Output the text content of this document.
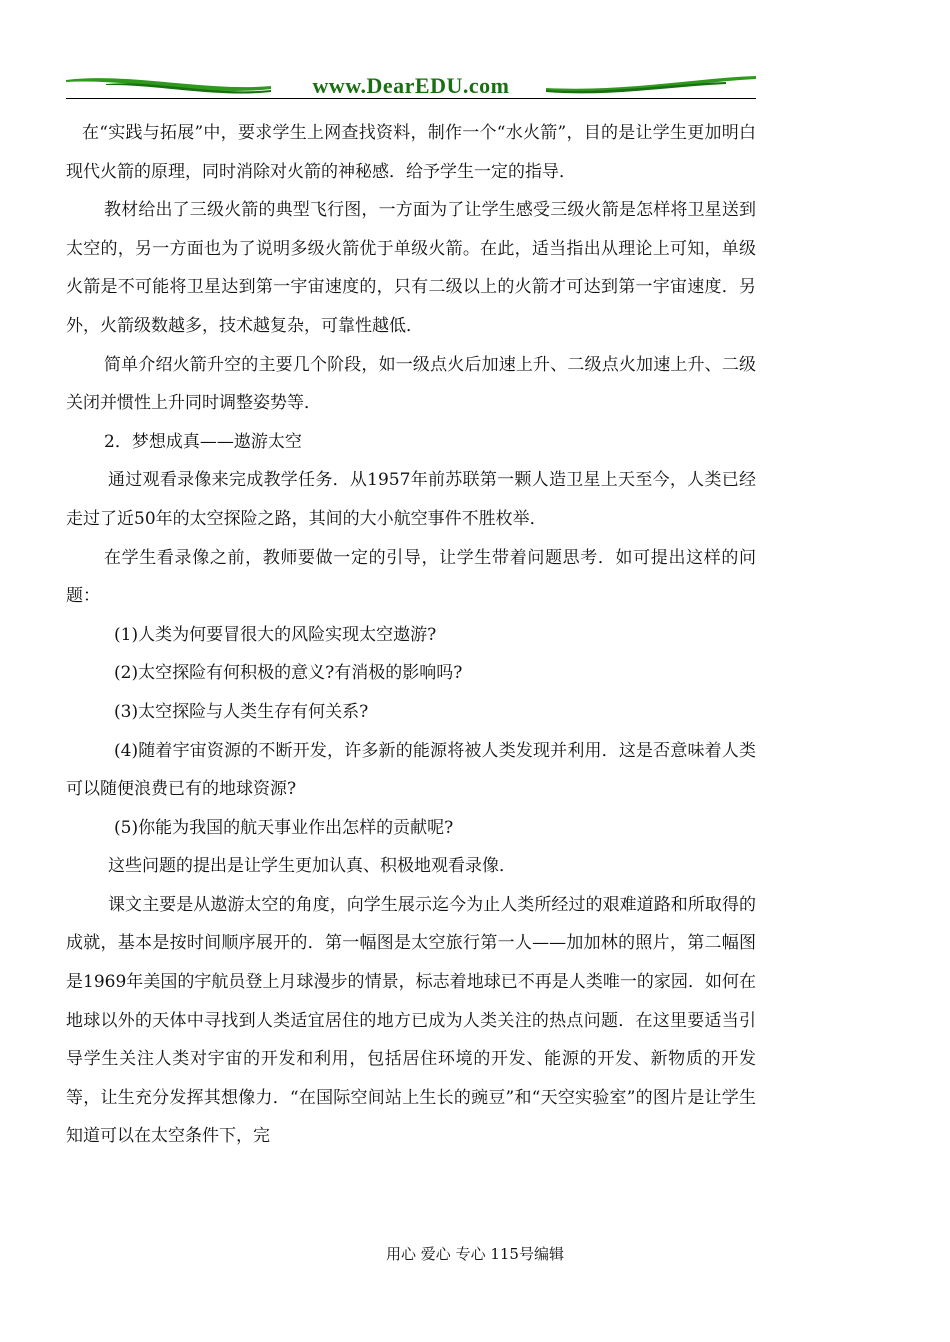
www.DearEDU.com

在“实践与拓展”中，要求学生上网查找资料，制作一个“水火箭”，目的是让学生更加明白现代火箭的原理，同时消除对火箭的神秘感．给予学生一定的指导．

教材给出了三级火箭的典型飞行图，一方面为了让学生感受三级火箭是怎样将卫星送到太空的，另一方面也为了说明多级火箭优于单级火箭。在此，适当指出从理论上可知，单级火箭是不可能将卫星达到第一宇宙速度的，只有二级以上的火箭才可达到第一宇宙速度．另外，火箭级数越多，技术越复杂，可靠性越低．

简单介绍火箭升空的主要几个阶段，如一级点火后加速上升、二级点火加速上升、二级关闭并惯性上升同时调整姿势等．

2．梦想成真——遨游太空

通过观看录像来完成教学任务．从1957年前苏联第一颗人造卫星上天至今，人类已经走过了近50年的太空探险之路，其间的大小航空事件不胜枚举．

在学生看录像之前，教师要做一定的引导，让学生带着问题思考．如可提出这样的问题：

(1)人类为何要冒很大的风险实现太空遨游?

(2)太空探险有何积极的意义?有消极的影响吗?

(3)太空探险与人类生存有何关系?

(4)随着宇宙资源的不断开发，许多新的能源将被人类发现并利用．这是否意味着人类可以随便浪费已有的地球资源?

(5)你能为我国的航天事业作出怎样的贡献呢?

这些问题的提出是让学生更加认真、积极地观看录像．

课文主要是从遨游太空的角度，向学生展示迄今为止人类所经过的艰难道路和所取得的成就，基本是按时间顺序展开的．第一幅图是太空旅行第一人——加加林的照片，第二幅图是1969年美国的宇航员登上月球漫步的情景，标志着地球已不再是人类唯一的家园．如何在地球以外的天体中寻找到人类适宜居住的地方已成为人类关注的热点问题．在这里要适当引导学生关注人类对宇宙的开发和利用，包括居住环境的开发、能源的开发、新物质的开发等，让生充分发挥其想像力．“在国际空间站上生长的豌豆”和“天空实验室”的图片是让学生知道可以在太空条件下，完

用心 爱心 专心 115号编辑
